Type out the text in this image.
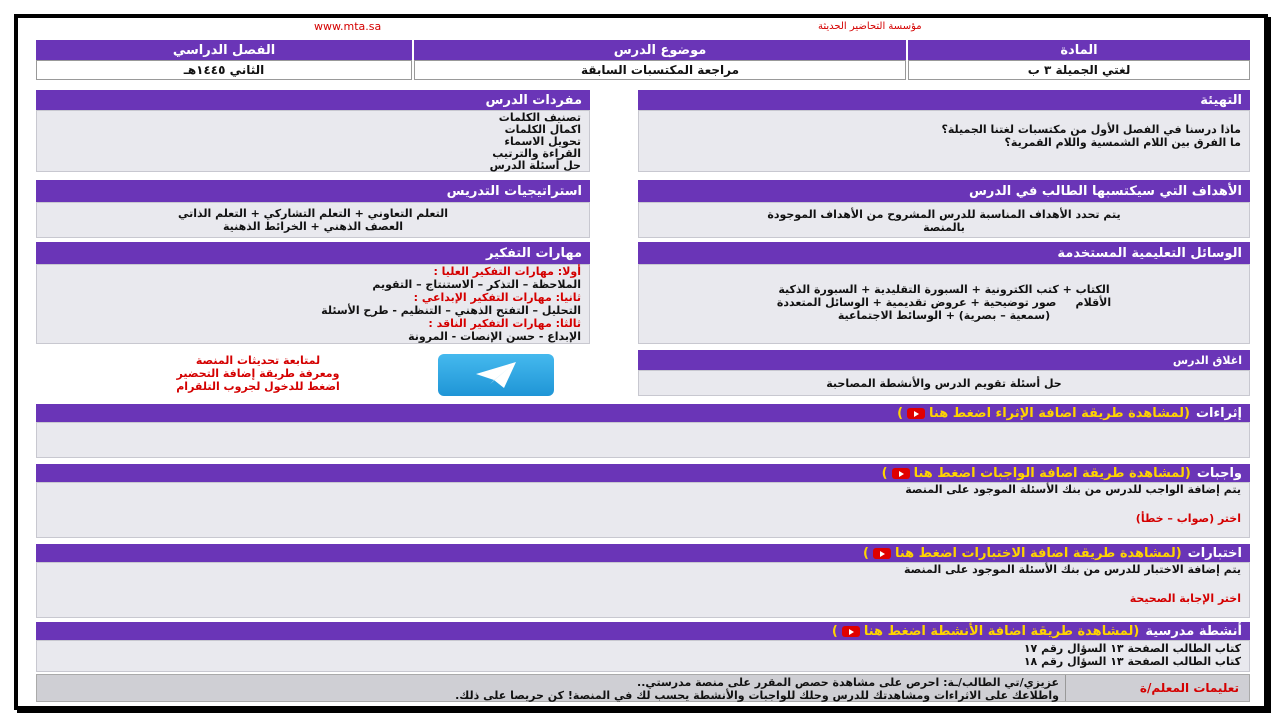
www.mta.sa	مؤسسة التحاضير الحديثة
المادة
موضوع الدرس
الفصل الدراسي
لغتي الجميلة ٣ ب
مراجعة المكتسبات السابقة
الثاني ١٤٤٥هـ
التهيئة
ماذا درسنا في الفصل الأول من مكتسبات لغتنا الجميلة؟
ما الفرق بين اللام الشمسية واللام القمرية؟
مفردات الدرس
تصنيف الكلمات
اكمال الكلمات
تحويل الاسماء
القراءة والترتيب
حل أسئلة الدرس
الأهداف التي سيكتسبها الطالب في الدرس
يتم تحدد الأهداف المناسبة للدرس المشروح من الأهداف الموجودة
بالمنصة
استراتيجيات التدريس
التعلم التعاوني + التعلم التشاركي + التعلم الذاتي
العصف الذهني + الخرائط الذهنية
الوسائل التعليمية المستخدمة
الكتاب + كتب الكترونية + السبورة التقليدية + السبورة الذكية
الأقلام     صور توضيحية + عروض تقديمية + الوسائل المتعددة
(سمعية – بصرية) + الوسائط الاجتماعية
مهارات التفكير
أولا: مهارات التفكير العليا :
الملاحظة – التذكر – الاستنتاج – التقويم
ثانيا: مهارات التفكير الإبداعي :
التحليل – التفتح الذهني – التنظيم - طرح الأسئلة
ثالثا: مهارات التفكير الناقد :
الإبداع - حسن الإنصات - المرونة
لمتابعة تحديثات المنصة
ومعرفة طريقة إضافة التحضير
اضغط للدخول لجروب التلقرام
اغلاق الدرس
حل أسئلة تقويم الدرس والأنشطة المصاحبة
إثراءات
(لمشاهدة طريقة اضافة الإثراء اضغط هنا)
واجبات
(لمشاهدة طريقة اضافة الواجبات اضغط هنا)
يتم إضافة الواجب للدرس من بنك الأسئلة الموجود على المنصة
اختر (صواب – خطأ)
اختبارات
(لمشاهدة طريقة اضافة الاختبارات اضغط هنا)
يتم إضافة الاختبار للدرس من بنك الأسئلة الموجود على المنصة
اختر الإجابة الصحيحة
أنشطة مدرسية
(لمشاهدة طريقة اضافة الأنشطة اضغط هنا)
كتاب الطالب الصفحة ١٣ السؤال رقم ١٧
كتاب الطالب الصفحة ١٣ السؤال رقم ١٨
تعليمات المعلم/ة
عزيزي/تي الطالب/ـة: احرص على مشاهدة حصص المقرر على منصة مدرستي..
واطلاعك على الاثراءات ومشاهدتك للدرس وحلك للواجبات والأنشطة يحسب لك في المنصة! كن حريصا على ذلك.
